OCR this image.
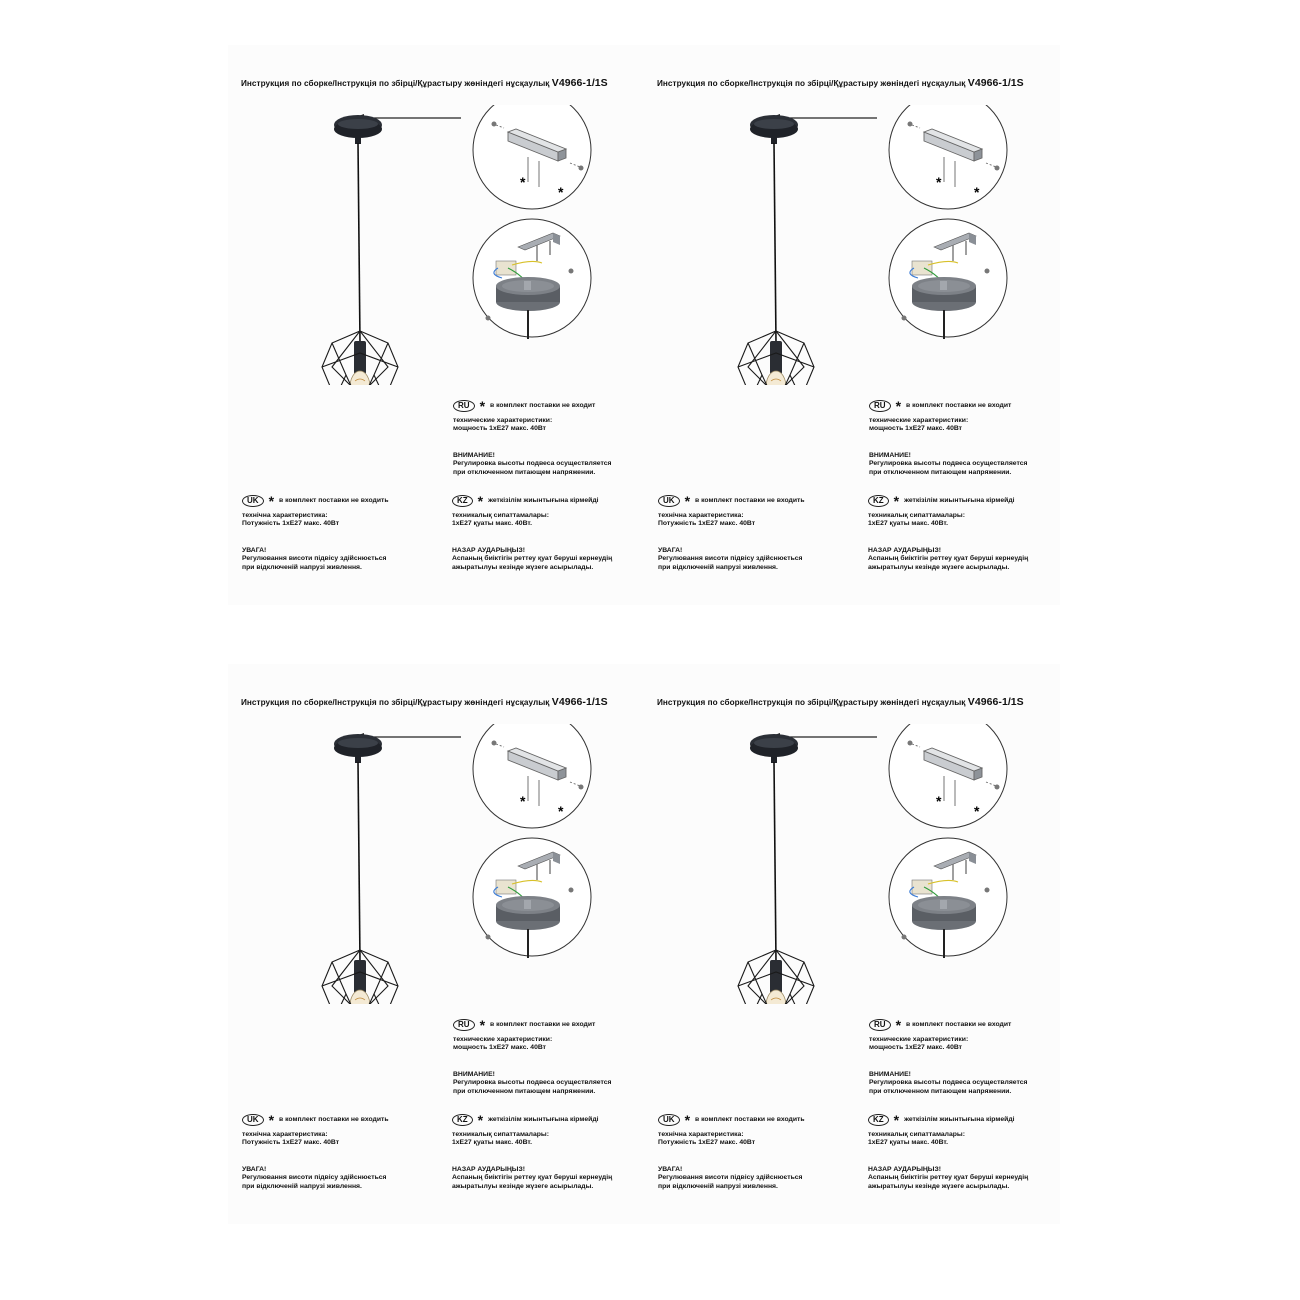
Инструкция по сборке/Інструкція по збірці/Құрастыру жөніндегі нұсқаулық V4966-1/1S
*
*
RU * в комплект поставки не входит
технические характеристики:
мощность 1xE27 макс. 40Вт
ВНИМАНИЕ!
Регулировка высоты подвеса осуществляется
при отключенном питающем напряжении.
UK * в комплект поставки не входить
технічна характеристика:
Потужність 1xE27 макс. 40Вт
УВАГА!
Регулювання висоти підвісу здійснюється
при відключеній напрузі живлення.
KZ * жеткізілім жиынтығына кірмейді
техникалық сипаттамалары:
1xE27 қуаты макс. 40Вт.
НАЗАР АУДАРЫҢЫЗ!
Аспаның биіктігін реттеу қуат беруші кернеудің
ажыратылуы кезінде жүзеге асырылады.
Инструкция по сборке/Інструкція по збірці/Құрастыру жөніндегі нұсқаулық V4966-1/1S
*
*
RU * в комплект поставки не входит
технические характеристики:
мощность 1xE27 макс. 40Вт
ВНИМАНИЕ!
Регулировка высоты подвеса осуществляется
при отключенном питающем напряжении.
UK * в комплект поставки не входить
технічна характеристика:
Потужність 1xE27 макс. 40Вт
УВАГА!
Регулювання висоти підвісу здійснюється
при відключеній напрузі живлення.
KZ * жеткізілім жиынтығына кірмейді
техникалық сипаттамалары:
1xE27 қуаты макс. 40Вт.
НАЗАР АУДАРЫҢЫЗ!
Аспаның биіктігін реттеу қуат беруші кернеудің
ажыратылуы кезінде жүзеге асырылады.
Инструкция по сборке/Інструкція по збірці/Құрастыру жөніндегі нұсқаулық V4966-1/1S
*
*
RU * в комплект поставки не входит
технические характеристики:
мощность 1xE27 макс. 40Вт
ВНИМАНИЕ!
Регулировка высоты подвеса осуществляется
при отключенном питающем напряжении.
UK * в комплект поставки не входить
технічна характеристика:
Потужність 1xE27 макс. 40Вт
УВАГА!
Регулювання висоти підвісу здійснюється
при відключеній напрузі живлення.
KZ * жеткізілім жиынтығына кірмейді
техникалық сипаттамалары:
1xE27 қуаты макс. 40Вт.
НАЗАР АУДАРЫҢЫЗ!
Аспаның биіктігін реттеу қуат беруші кернеудің
ажыратылуы кезінде жүзеге асырылады.
Инструкция по сборке/Інструкція по збірці/Құрастыру жөніндегі нұсқаулық V4966-1/1S
*
*
RU * в комплект поставки не входит
технические характеристики:
мощность 1xE27 макс. 40Вт
ВНИМАНИЕ!
Регулировка высоты подвеса осуществляется
при отключенном питающем напряжении.
UK * в комплект поставки не входить
технічна характеристика:
Потужність 1xE27 макс. 40Вт
УВАГА!
Регулювання висоти підвісу здійснюється
при відключеній напрузі живлення.
KZ * жеткізілім жиынтығына кірмейді
техникалық сипаттамалары:
1xE27 қуаты макс. 40Вт.
НАЗАР АУДАРЫҢЫЗ!
Аспаның биіктігін реттеу қуат беруші кернеудің
ажыратылуы кезінде жүзеге асырылады.
